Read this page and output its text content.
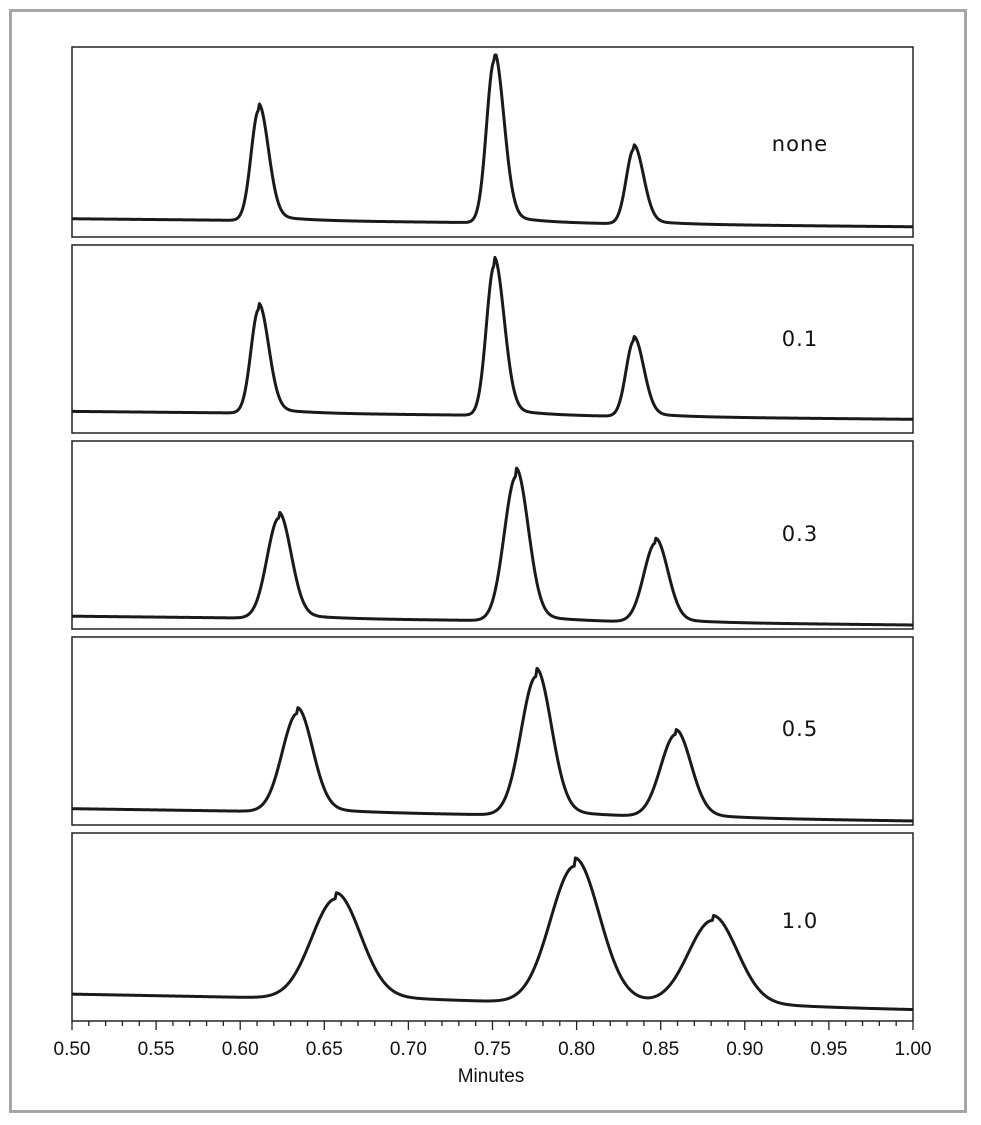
none
0.1
0.3
0.5
1.0
0.50 0.55 0.60 0.65 0.70 0.75 0.80 0.85 0.90 0.95 1.00
Minutes
